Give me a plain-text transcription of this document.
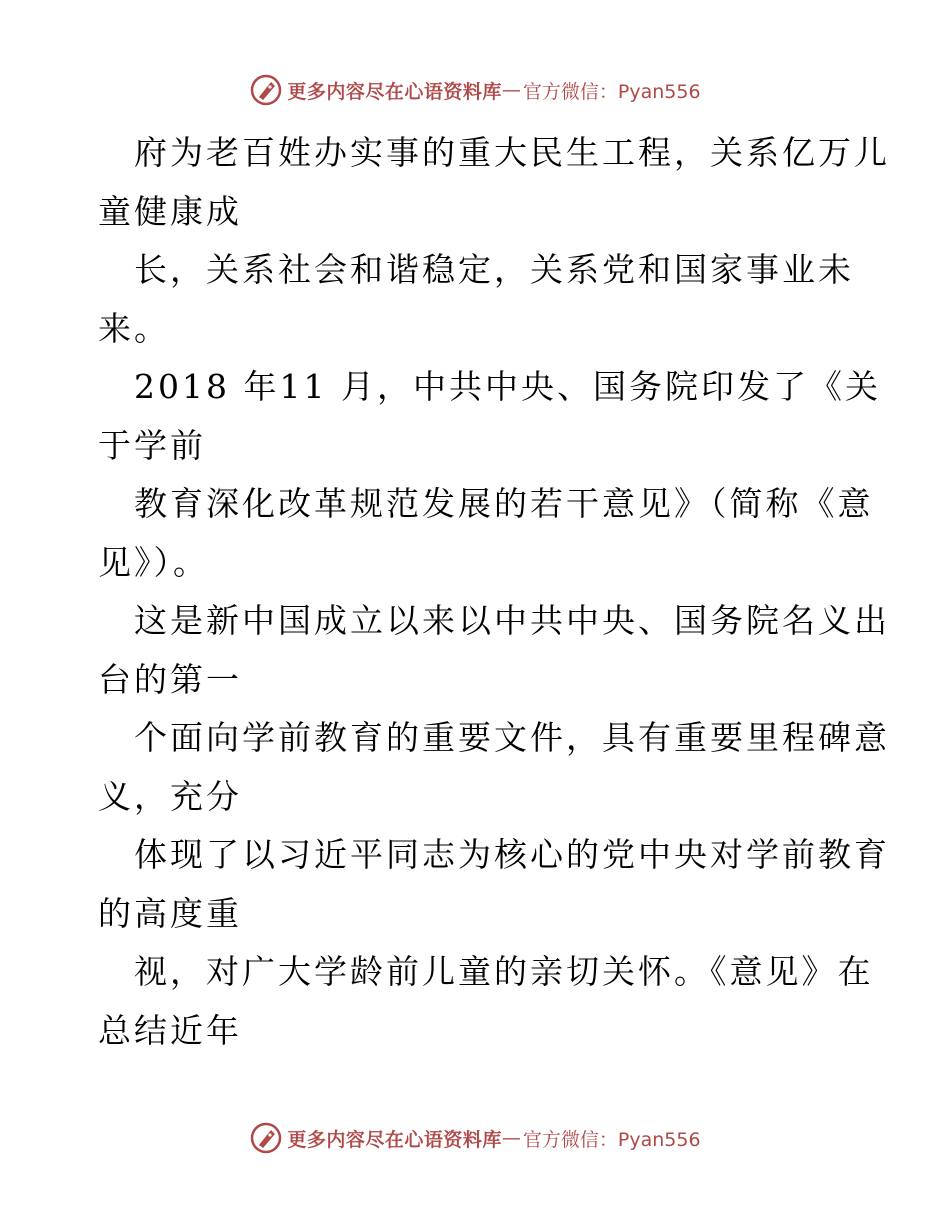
更多内容尽在心语资料库 — 官方微信：Pyan556

府为老百姓办实事的重大民生工程，关系亿万儿
童健康成

长，关系社会和谐稳定，关系党和国家事业未
来。

2018 年11 月，中共中央、国务院印发了《关
于学前

教育深化改革规范发展的若干意见》（简称《意
见》）。

这是新中国成立以来以中共中央、国务院名义出
台的第一

个面向学前教育的重要文件，具有重要里程碑意
义，充分

体现了以习近平同志为核心的党中央对学前教育
的高度重

视，对广大学龄前儿童的亲切关怀。《意见》在
总结近年

更多内容尽在心语资料库 — 官方微信：Pyan556
